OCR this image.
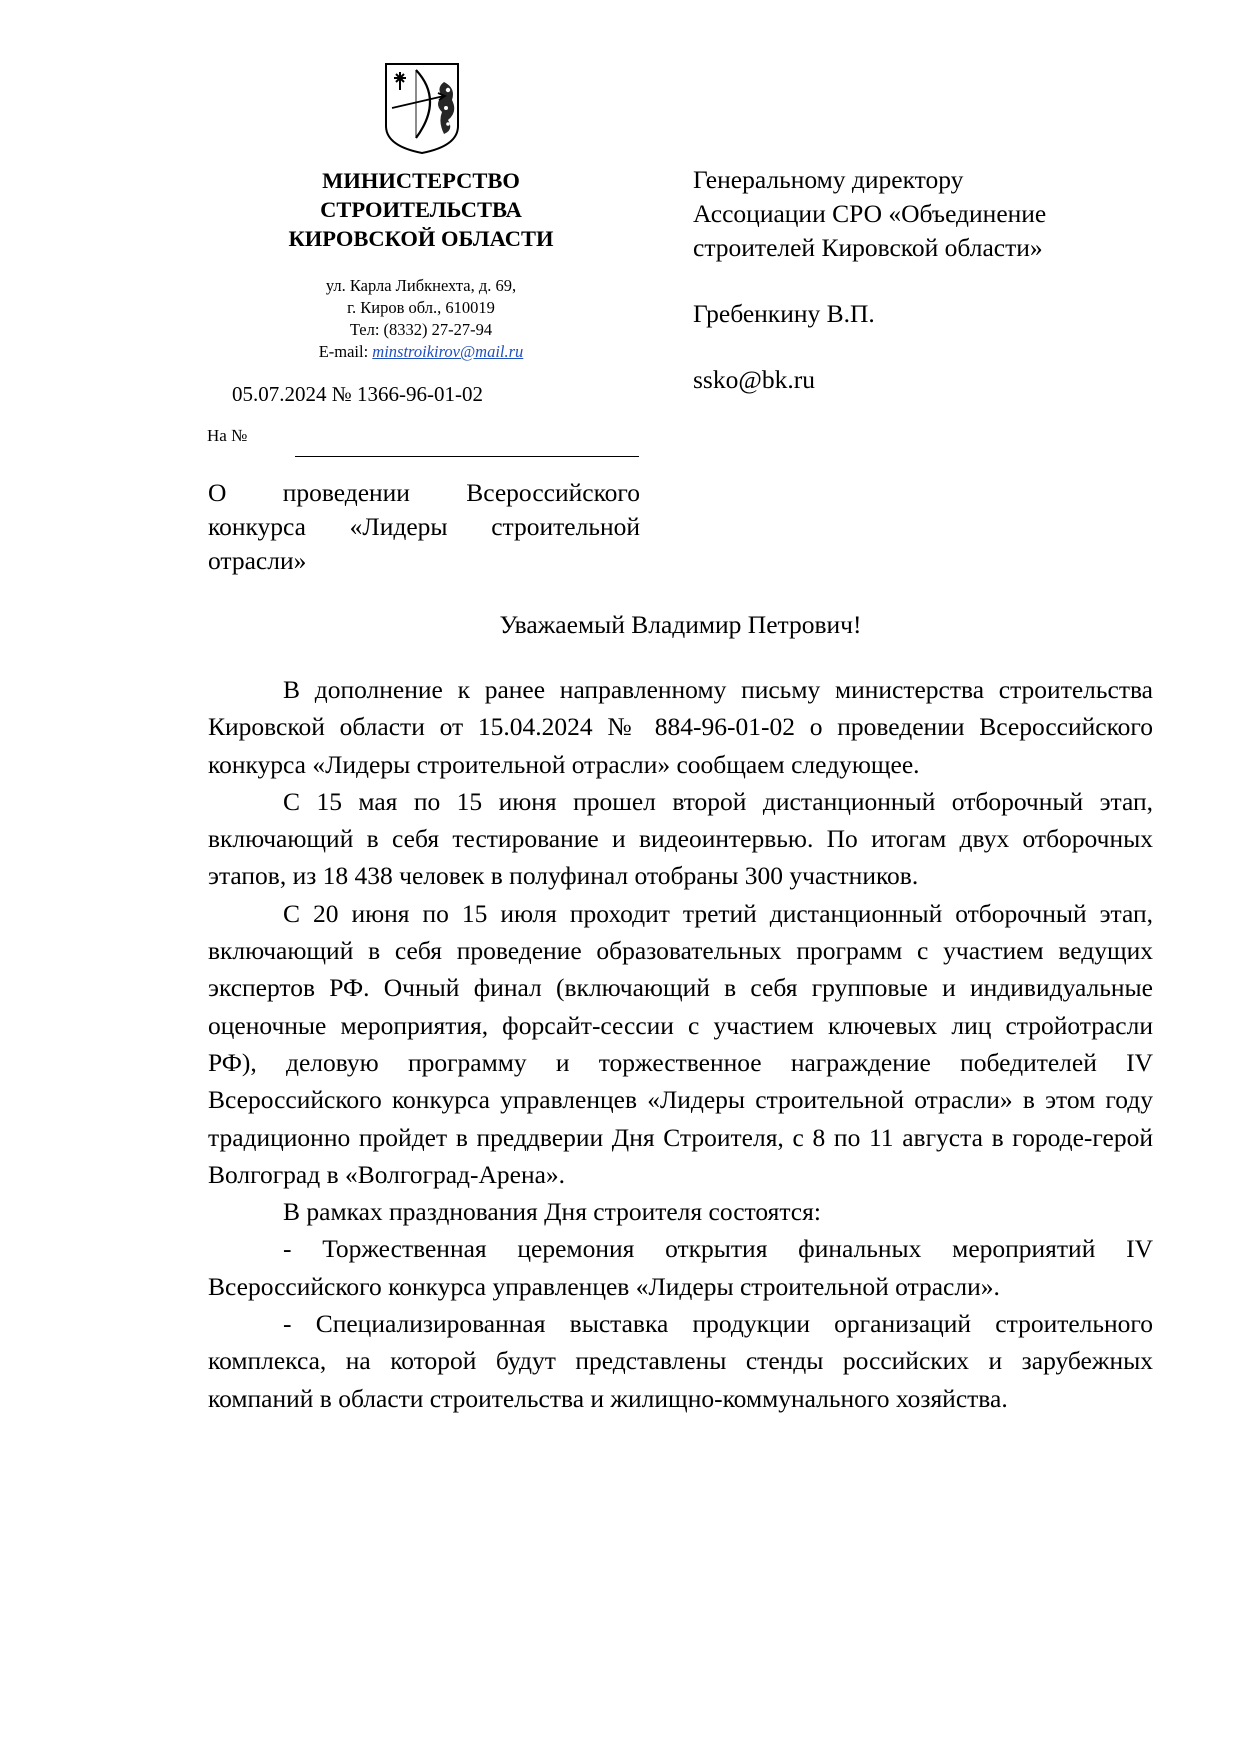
МИНИСТЕРСТВО
СТРОИТЕЛЬСТВА
КИРОВСКОЙ ОБЛАСТИ
ул. Карла Либкнехта, д. 69,
г. Киров обл., 610019
Тел: (8332) 27-27-94
E-mail: minstroikirov@mail.ru
05.07.2024 № 1366-96-01-02
На №
О проведении Всероссийского конкурса «Лидеры строительной отрасли»
Генеральному директору
Ассоциации СРО «Объединение
строителей Кировской области»
Гребенкину В.П.
ssko@bk.ru
Уважаемый Владимир Петрович!

В дополнение к ранее направленному письму министерства строительства Кировской области от 15.04.2024 № 884-96-01-02 о проведении Всероссийского конкурса «Лидеры строительной отрасли» сообщаем следующее.

С 15 мая по 15 июня прошел второй дистанционный отборочный этап, включающий в себя тестирование и видеоинтервью. По итогам двух отборочных этапов, из 18 438 человек в полуфинал отобраны 300 участников.

С 20 июня по 15 июля проходит третий дистанционный отборочный этап, включающий в себя проведение образовательных программ с участием ведущих экспертов РФ. Очный финал (включающий в себя групповые и индивидуальные оценочные мероприятия, форсайт-сессии с участием ключевых лиц стройотрасли РФ), деловую программу и торжественное награждение победителей IV Всероссийского конкурса управленцев «Лидеры строительной отрасли» в этом году традиционно пройдет в преддверии Дня Строителя, с 8 по 11 августа в городе-герой Волгоград в «Волгоград-Арена».

В рамках празднования Дня строителя состоятся:

- Торжественная церемония открытия финальных мероприятий IV Всероссийского конкурса управленцев «Лидеры строительной отрасли».

- Специализированная выставка продукции организаций строительного комплекса, на которой будут представлены стенды российских и зарубежных компаний в области строительства и жилищно-коммунального хозяйства.
